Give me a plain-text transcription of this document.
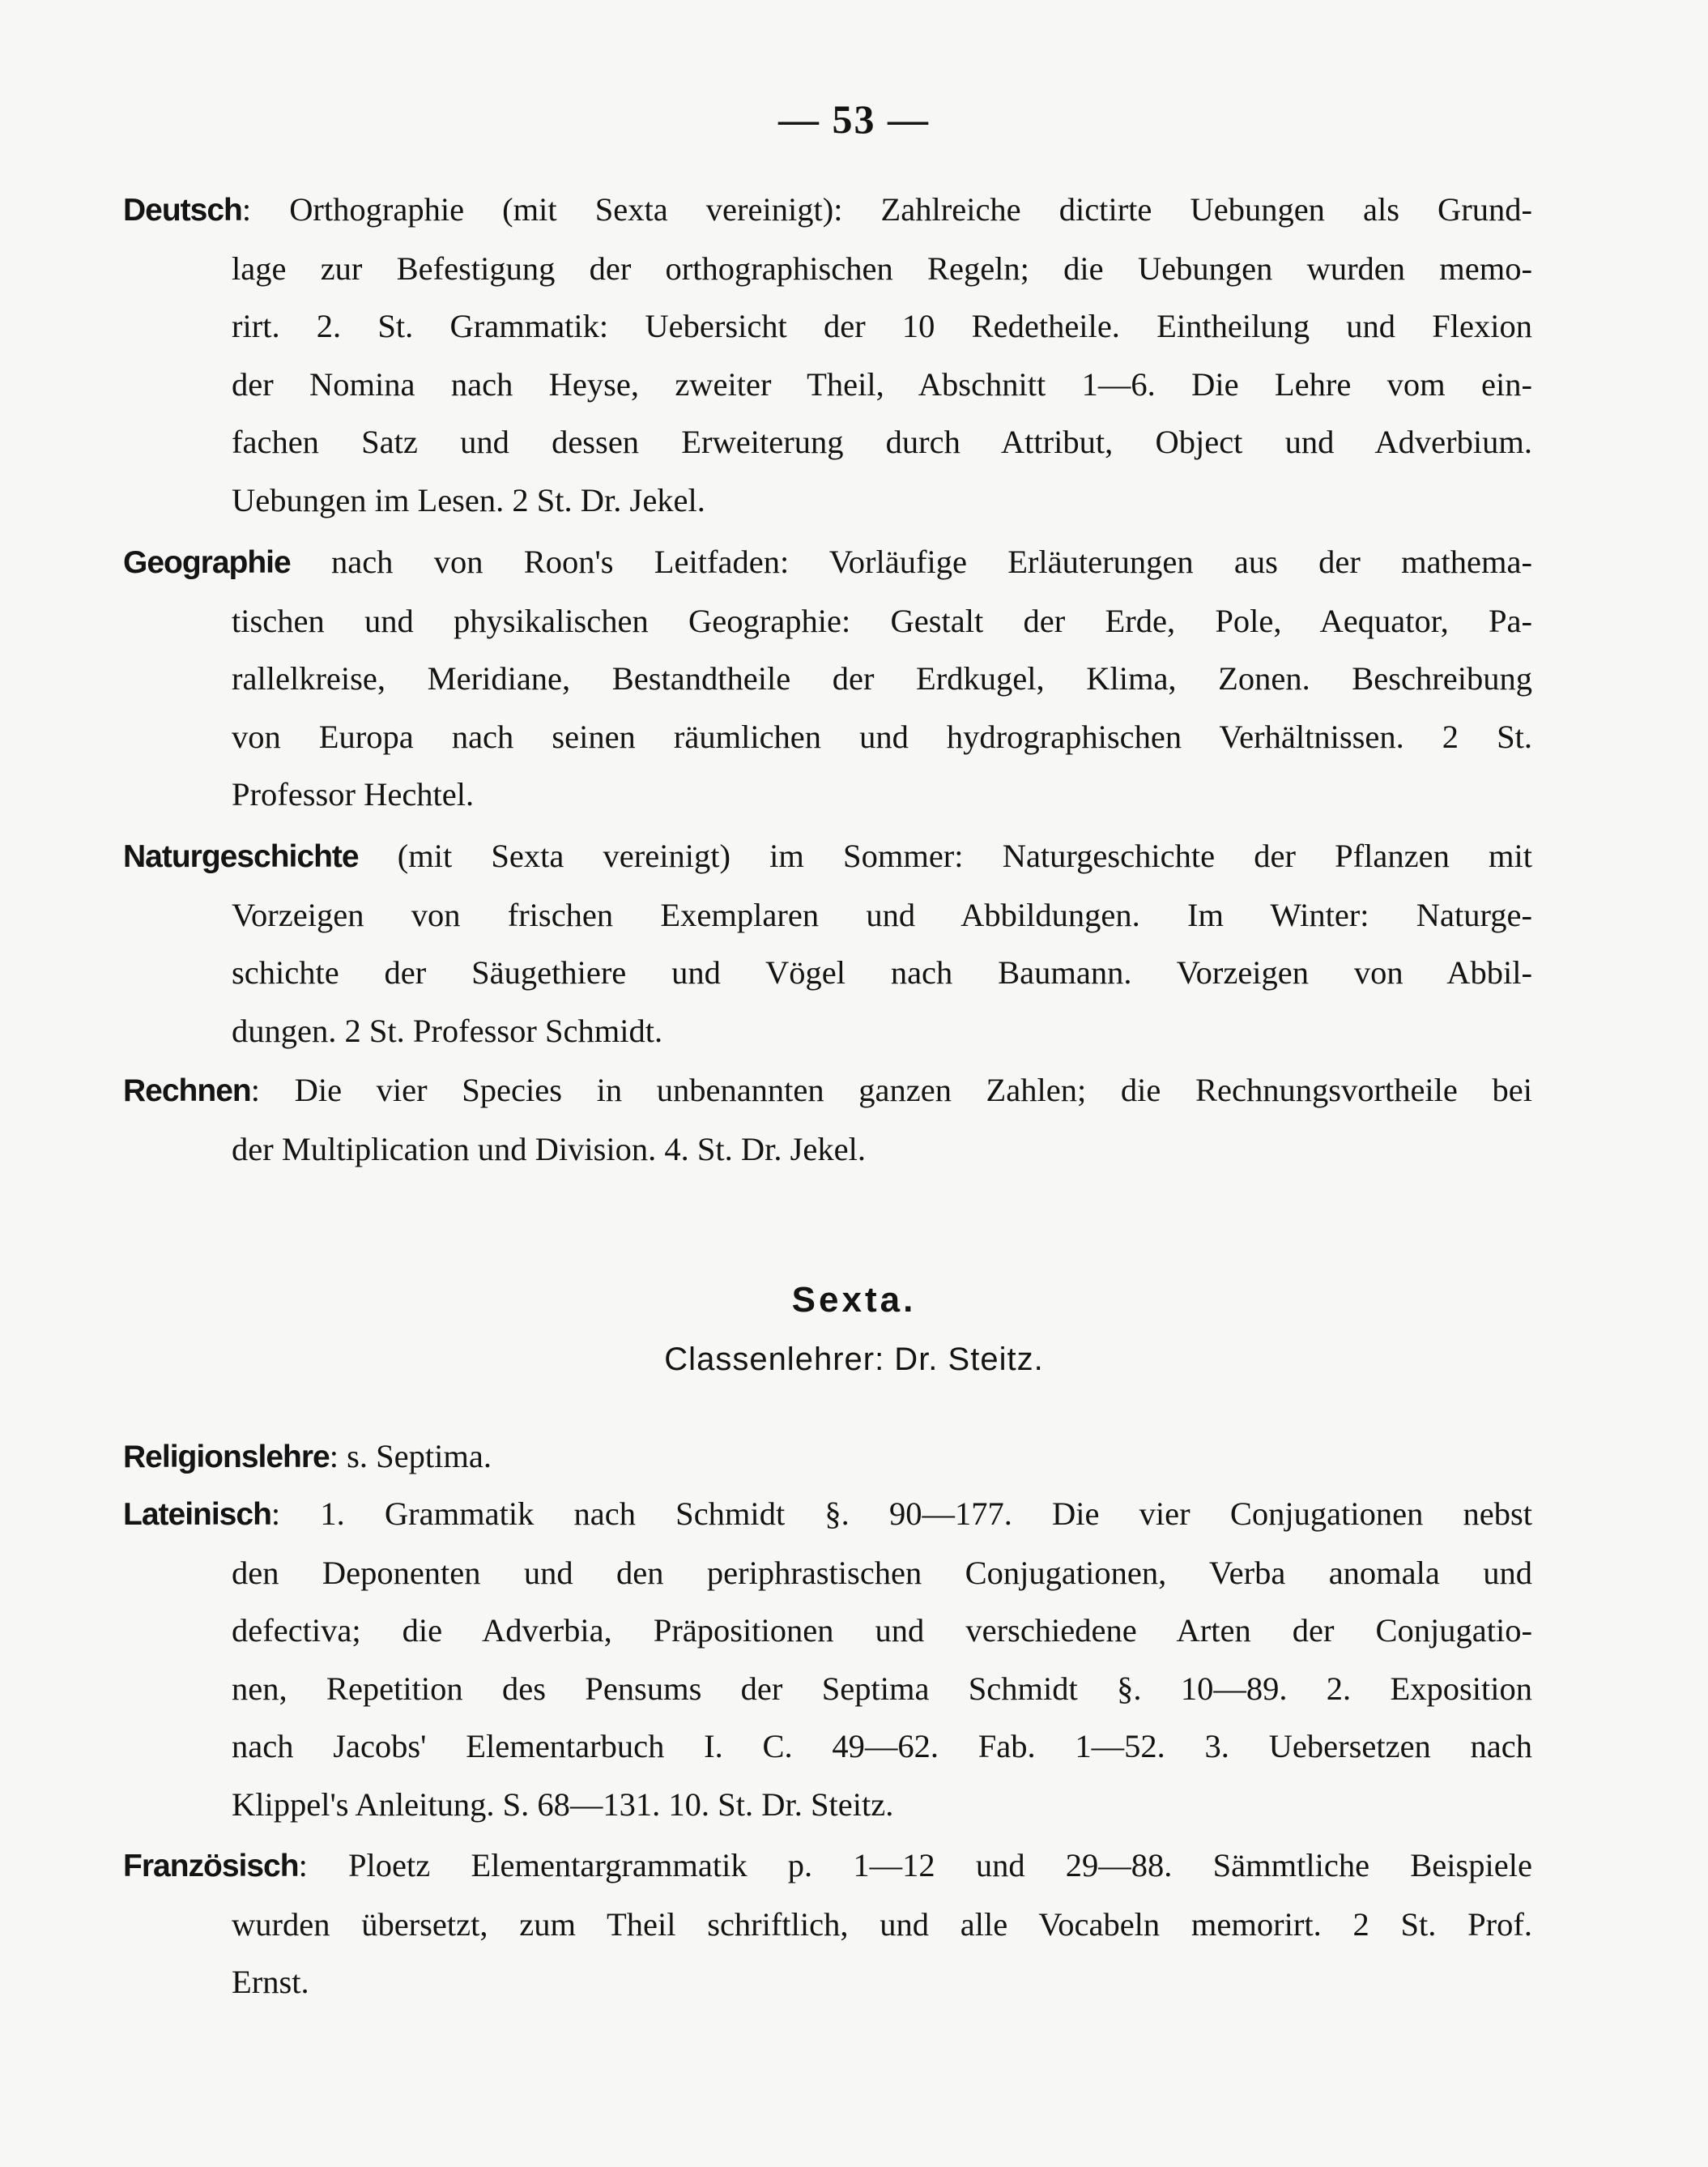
— 53 —
Deutsch: Orthographie (mit Sexta vereinigt): Zahlreiche dictirte Uebungen als Grund-
lage zur Befestigung der orthographischen Regeln; die Uebungen wurden memo-
rirt. 2. St. Grammatik: Uebersicht der 10 Redetheile. Eintheilung und Flexion
der Nomina nach Heyse, zweiter Theil, Abschnitt 1—6. Die Lehre vom ein-
fachen Satz und dessen Erweiterung durch Attribut, Object und Adverbium.
Uebungen im Lesen. 2 St. Dr. Jekel.
Geographie nach von Roon's Leitfaden: Vorläufige Erläuterungen aus der mathema-
tischen und physikalischen Geographie: Gestalt der Erde, Pole, Aequator, Pa-
rallelkreise, Meridiane, Bestandtheile der Erdkugel, Klima, Zonen. Beschreibung
von Europa nach seinen räumlichen und hydrographischen Verhältnissen. 2 St.
Professor Hechtel.
Naturgeschichte (mit Sexta vereinigt) im Sommer: Naturgeschichte der Pflanzen mit
Vorzeigen von frischen Exemplaren und Abbildungen. Im Winter: Naturge-
schichte der Säugethiere und Vögel nach Baumann. Vorzeigen von Abbil-
dungen. 2 St. Professor Schmidt.
Rechnen: Die vier Species in unbenannten ganzen Zahlen; die Rechnungsvortheile bei
der Multiplication und Division. 4. St. Dr. Jekel.
Sexta.
Classenlehrer: Dr. Steitz.
Religionslehre: s. Septima.
Lateinisch: 1. Grammatik nach Schmidt §. 90—177. Die vier Conjugationen nebst
den Deponenten und den periphrastischen Conjugationen, Verba anomala und
defectiva; die Adverbia, Präpositionen und verschiedene Arten der Conjugatio-
nen, Repetition des Pensums der Septima Schmidt §. 10—89. 2. Exposition
nach Jacobs' Elementarbuch I. C. 49—62. Fab. 1—52. 3. Uebersetzen nach
Klippel's Anleitung. S. 68—131. 10. St. Dr. Steitz.
Französisch: Ploetz Elementargrammatik p. 1—12 und 29—88. Sämmtliche Beispiele
wurden übersetzt, zum Theil schriftlich, und alle Vocabeln memorirt. 2 St. Prof.
Ernst.
